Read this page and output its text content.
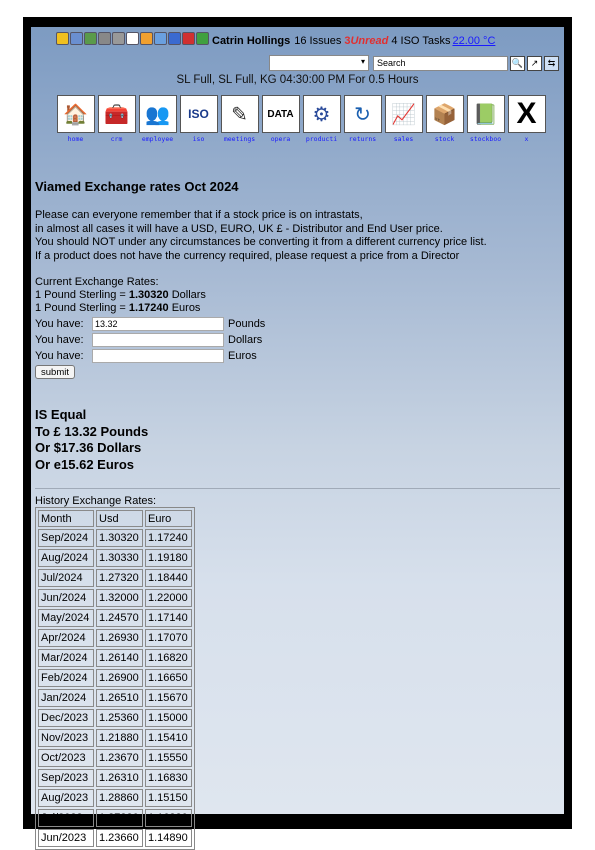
Catrin Hollings 16 Issues 3 Unread 4 ISO Tasks 22.00 °C
▾
Search	🔍 ↗	⇆
SL Full, SL Full, KG 04:30:00 PM For 0.5 Hours
🏠
home
🧰
crm
👥
employee
ISO
iso
✎
meetings
DATA
opera
⚙
producti
↻
returns
📈
sales
📦
stock
📗
stockboo
X
x
Viamed Exchange rates Oct 2024

Please can everyone remember that if a stock price is on intrastats,

in almost all cases it will have a USD, EURO, UK £ - Distributor and End User price.

You should NOT under any circumstances be converting it from a different currency price list.

If a product does not have the currency required, please request a price from a Director

Current Exchange Rates:
1 Pound Sterling = 1.30320 Dollars
1 Pound Sterling = 1.17240 Euros
You have:
13.32	Pounds
You have:	Dollars
You have:	Euros
submit
IS Equal
To £ 13.32 Pounds
Or $17.36 Dollars
Or e15.62 Euros
History Exchange Rates:
Month	Usd	Euro
Sep/2024	1.30320	1.17240
Aug/2024	1.30330	1.19180
Jul/2024	1.27320	1.18440
Jun/2024	1.32000	1.22000
May/2024	1.24570	1.17140
Apr/2024	1.26930	1.17070
Mar/2024	1.26140	1.16820
Feb/2024	1.26900	1.16650
Jan/2024	1.26510	1.15670
Dec/2023	1.25360	1.15000
Nov/2023	1.21880	1.15410
Oct/2023	1.23670	1.15550
Sep/2023	1.26310	1.16830
Aug/2023	1.28860	1.15150
Jul/2023	1.27320	1.16220
Jun/2023	1.23660	1.14890
